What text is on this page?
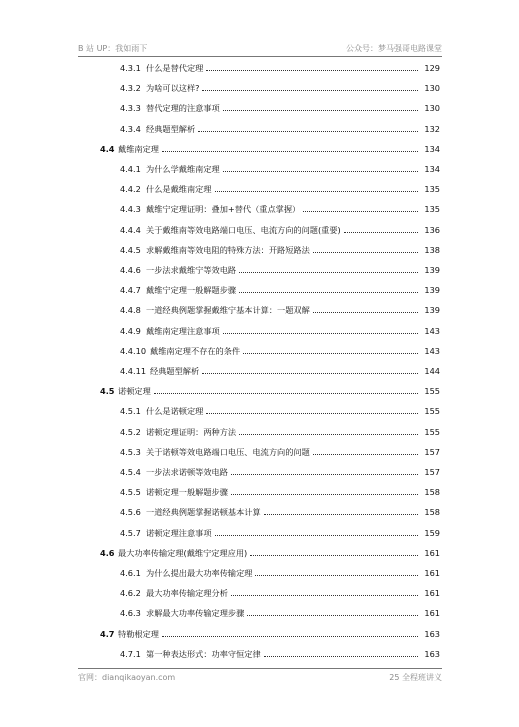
B 站 UP：我如雨下	公众号：梦马强哥电路课堂
4.3.1 什么是替代定理	129
4.3.2 为啥可以这样?	130
4.3.3 替代定理的注意事项	130
4.3.4 经典题型解析	132
4.4 戴维南定理	134
4.4.1 为什么学戴维南定理	134
4.4.2 什么是戴维南定理	135
4.4.3 戴维宁定理证明：叠加+替代（重点掌握）	135
4.4.4 关于戴维南等效电路端口电压、电流方向的问题(重要)	136
4.4.5 求解戴维南等效电阻的特殊方法：开路短路法	138
4.4.6 一步法求戴维宁等效电路	139
4.4.7 戴维宁定理一般解题步骤	139
4.4.8 一道经典例题掌握戴维宁基本计算：一题双解	139
4.4.9 戴维南定理注意事项	143
4.4.10 戴维南定理不存在的条件	143
4.4.11 经典题型解析	144
4.5 诺顿定理	155
4.5.1 什么是诺顿定理	155
4.5.2 诺顿定理证明：两种方法	155
4.5.3 关于诺顿等效电路端口电压、电流方向的问题	157
4.5.4 一步法求诺顿等效电路	157
4.5.5 诺顿定理一般解题步骤	158
4.5.6 一道经典例题掌握诺顿基本计算	158
4.5.7 诺顿定理注意事项	159
4.6 最大功率传输定理(戴维宁定理应用)	161
4.6.1 为什么提出最大功率传输定理	161
4.6.2 最大功率传输定理分析	161
4.6.3 求解最大功率传输定理步骤	161
4.7 特勒根定理	163
4.7.1 第一种表达形式：功率守恒定律	163
官网：dianqikaoyan.com	25 全程班讲义
